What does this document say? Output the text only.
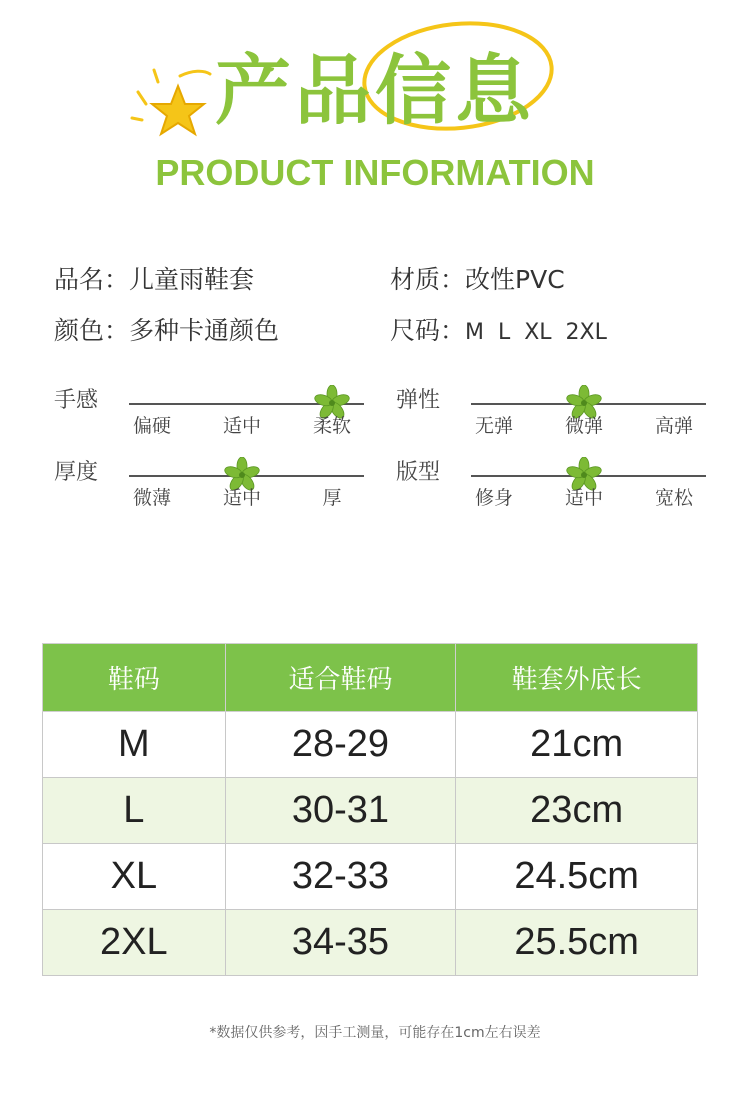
产品信息
PRODUCT INFORMATION
品名：儿童雨鞋套	材质：改性PVC
颜色：多种卡通颜色	尺码：M  L  XL  2XL
手感
偏硬	适中	柔软
弹性
无弹	微弹	高弹
厚度
微薄	适中	厚
版型
修身	适中	宽松
鞋码	适合鞋码	鞋套外底长
M	28-29	21cm
L	30-31	23cm
XL	32-33	24.5cm
2XL	34-35	25.5cm
*数据仅供参考，因手工测量，可能存在1cm左右误差
